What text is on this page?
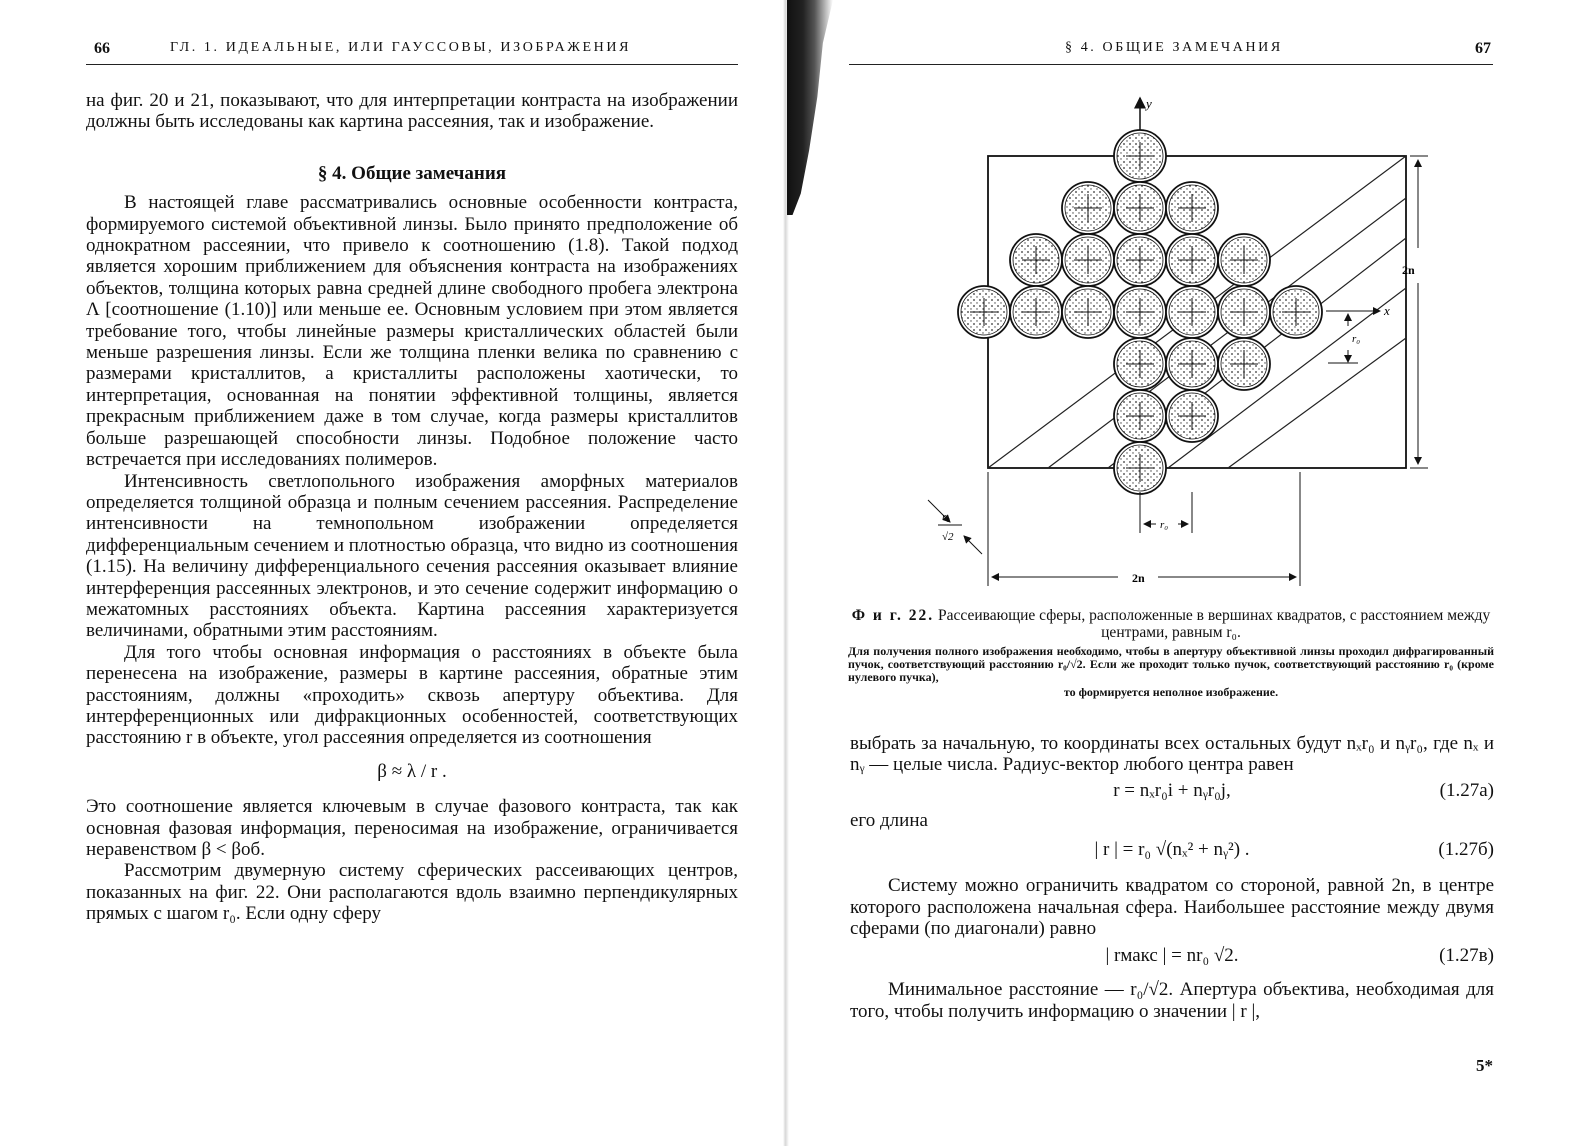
66	ГЛ. 1. ИДЕАЛЬНЫЕ, ИЛИ ГАУССОВЫ, ИЗОБРАЖЕНИЯ

на фиг. 20 и 21, показывают, что для интерпретации контраста на изображении должны быть исследованы как картина рассеяния, так и изображение.

§ 4. Общие замечания

В настоящей главе рассматривались основные особенности контраста, формируемого системой объективной линзы. Было принято предположение об однократном рассеянии, что привело к соотношению (1.8). Такой подход является хорошим приближением для объяснения контраста на изображениях объектов, толщина которых равна средней длине свободного пробега электрона Λ [соотношение (1.10)] или меньше ее. Основным условием при этом является требование того, чтобы линейные размеры кристаллических областей были меньше разрешения линзы. Если же толщина пленки велика по сравнению с размерами кристаллитов, а кристаллиты расположены хаотически, то интерпретация, основанная на понятии эффективной толщины, является прекрасным приближением даже в том случае, когда размеры кристаллитов больше разрешающей способности линзы. Подобное положение часто встречается при исследованиях полимеров.

Интенсивность светлопольного изображения аморфных материалов определяется толщиной образца и полным сечением рассеяния. Распределение интенсивности на темнопольном изображении определяется дифференциальным сечением и плотностью образца, что видно из соотношения (1.15). На величину дифференциального сечения рассеяния оказывает влияние интерференция рассеянных электронов, и это сечение содержит информацию о межатомных расстояниях объекта. Картина рассеяния характеризуется величинами, обратными этим расстояниям.

Для того чтобы основная информация о расстояниях в объекте была перенесена на изображение, размеры в картине рассеяния, обратные этим расстояниям, должны «проходить» сквозь апертуру объектива. Для интерференционных или дифракционных особенностей, соответствующих расстоянию r в объекте, угол рассеяния определяется из соотношения

β ≈ λ / r .

Это соотношение является ключевым в случае фазового контраста, так как основная фазовая информация, переносимая на изображение, ограничивается неравенством β < βоб.

Рассмотрим двумерную систему сферических рассеивающих центров, показанных на фиг. 22. Они располагаются вдоль взаимно перпендикулярных прямых с шагом r₀. Если одну сферу

§ 4. ОБЩИЕ ЗАМЕЧАНИЯ	67
y
x
2n
2n
r₀
r₀
r₀
√2
Ф и г. 22. Рассеивающие сферы, расположенные в вершинах квадратов, с расстоянием между центрами, равным r₀.
Для получения полного изображения необходимо, чтобы в апертуру объективной линзы проходил дифрагированный пучок, соответствующий расстоянию r₀/√2. Если же проходит только пучок, соответствующий расстоянию r₀ (кроме нулевого пучка),
то формируется неполное изображение.

выбрать за начальную, то координаты всех остальных будут nₓr₀ и nᵧr₀, где nₓ и nᵧ — целые числа. Радиус-вектор любого центра равен

r = nₓr₀i + nᵧr₀j,	(1.27а)

его длина

| r | = r₀ √(nₓ² + nᵧ²) .	(1.27б)

Систему можно ограничить квадратом со стороной, равной 2n, в центре которого расположена начальная сфера. Наибольшее расстояние между двумя сферами (по диагонали) равно

| rмакс | = nr₀ √2.	(1.27в)

Минимальное расстояние — r₀/√2. Апертура объектива, необходимая для того, чтобы получить информацию о значении | r |,

5*
